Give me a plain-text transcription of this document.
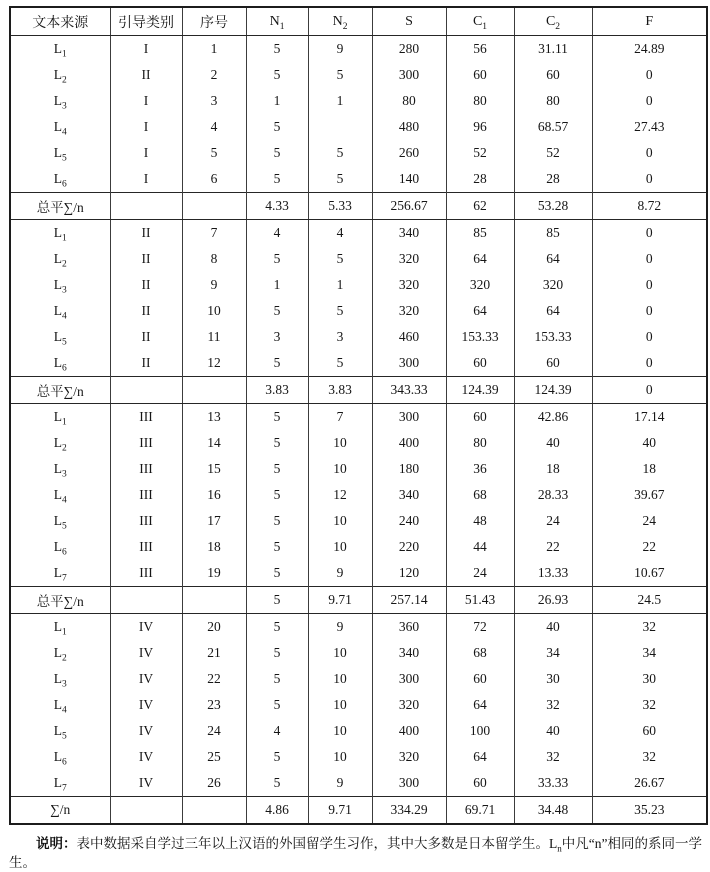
文本来源	引导类别	序号	$N_1$	$N_2$	S	$C_1$	$C_2$	F
$L_1$	I	1	5	9	280	56	31.11	24.89
$L_2$	II	2	5	5	300	60	60	0
$L_3$	I	3	1	1	80	80	80	0
$L_4$	I	4	5		480	96	68.57	27.43
$L_5$	I	5	5	5	260	52	52	0
$L_6$	I	6	5	5	140	28	28	0
总平∑/n			4.33	5.33	256.67	62	53.28	8.72
$L_1$	II	7	4	4	340	85	85	0
$L_2$	II	8	5	5	320	64	64	0
$L_3$	II	9	1	1	320	320	320	0
$L_4$	II	10	5	5	320	64	64	0
$L_5$	II	11	3	3	460	153.33	153.33	0
$L_6$	II	12	5	5	300	60	60	0
总平∑/n			3.83	3.83	343.33	124.39	124.39	0
$L_1$	III	13	5	7	300	60	42.86	17.14
$L_2$	III	14	5	10	400	80	40	40
$L_3$	III	15	5	10	180	36	18	18
$L_4$	III	16	5	12	340	68	28.33	39.67
$L_5$	III	17	5	10	240	48	24	24
$L_6$	III	18	5	10	220	44	22	22
$L_7$	III	19	5	9	120	24	13.33	10.67
总平∑/n			5	9.71	257.14	51.43	26.93	24.5
$L_1$	IV	20	5	9	360	72	40	32
$L_2$	IV	21	5	10	340	68	34	34
$L_3$	IV	22	5	10	300	60	30	30
$L_4$	IV	23	5	10	320	64	32	32
$L_5$	IV	24	4	10	400	100	40	60
$L_6$	IV	25	5	10	320	64	32	32
$L_7$	IV	26	5	9	300	60	33.33	26.67
∑/n			4.86	9.71	334.29	69.71	34.48	35.23

说明：表中数据采自学过三年以上汉语的外国留学生习作，其中大多数是日本留学生。$L_n$中凡“n”相同的系同一学生。
